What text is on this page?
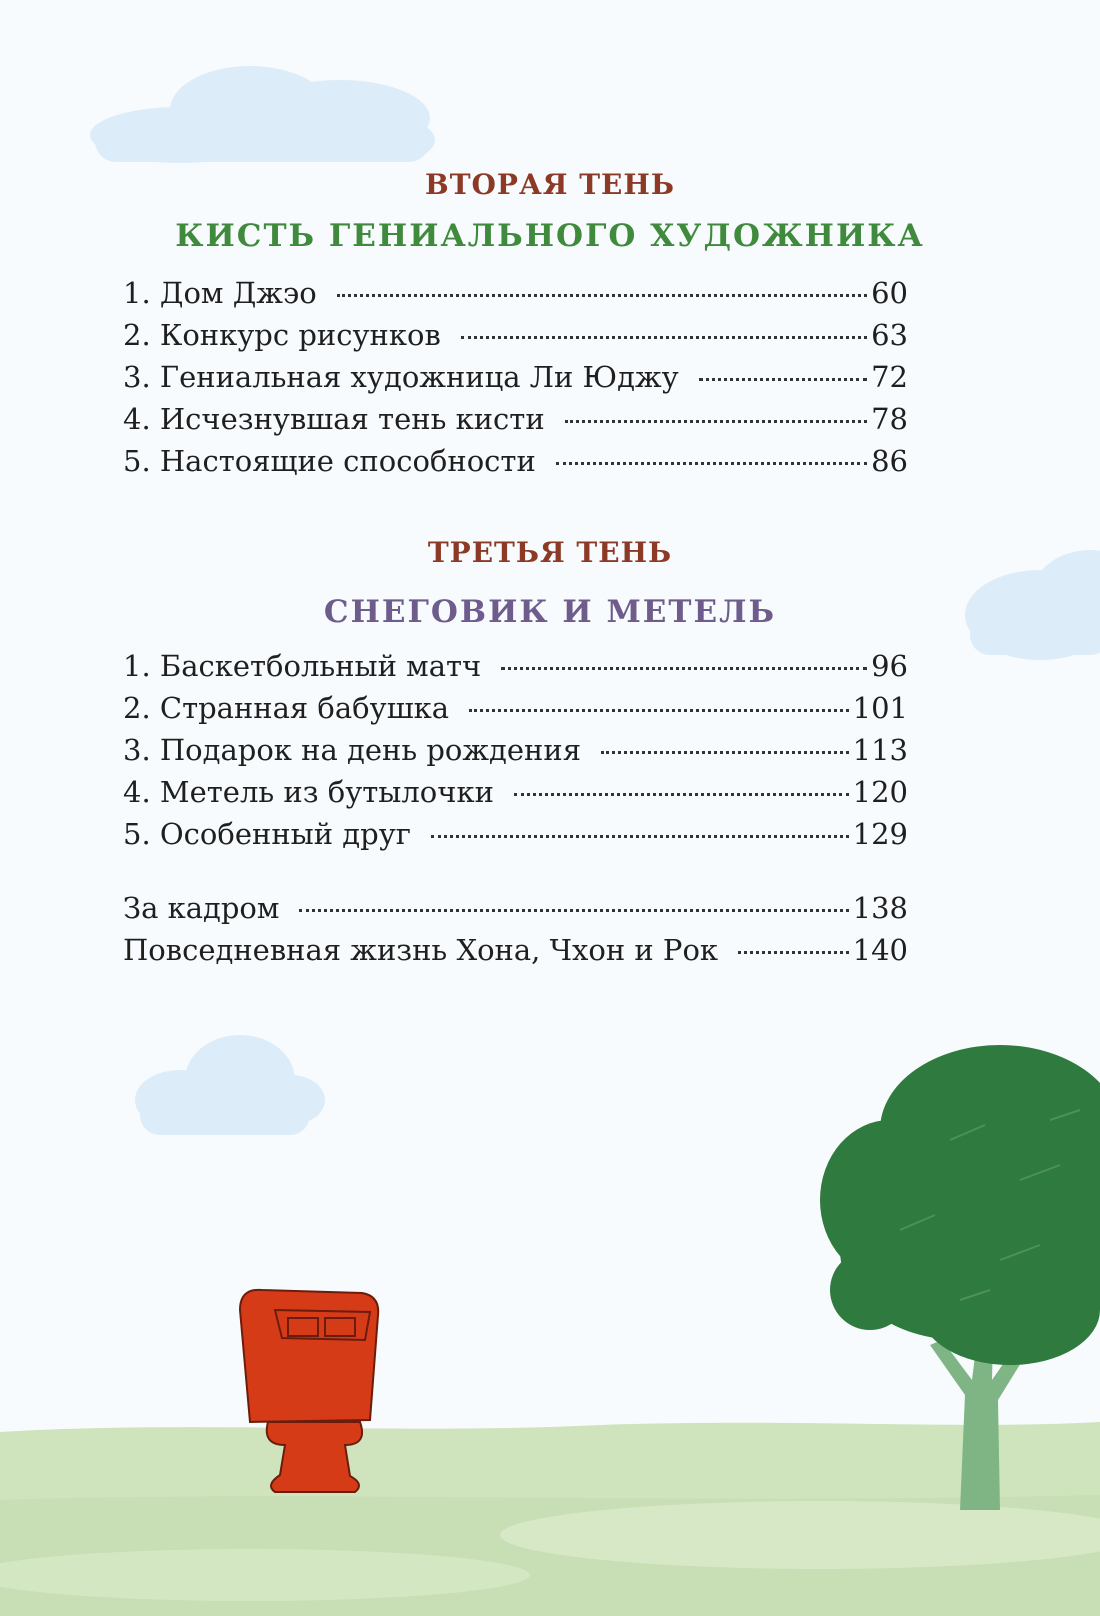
ВТОРАЯ ТЕНЬ
КИСТЬ ГЕНИАЛЬНОГО ХУДОЖНИКА
1. Дом Джэо	60
2. Конкурс рисунков	63
3. Гениальная художница Ли Юджу	72
4. Исчезнувшая тень кисти	78
5. Настоящие способности	86
ТРЕТЬЯ ТЕНЬ
СНЕГОВИК И МЕТЕЛЬ
1. Баскетбольный матч	96
2. Странная бабушка	101
3. Подарок на день рождения	113
4. Метель из бутылочки	120
5. Особенный друг	129
За кадром	138
Повседневная жизнь Хона, Чхон и Рок	140
